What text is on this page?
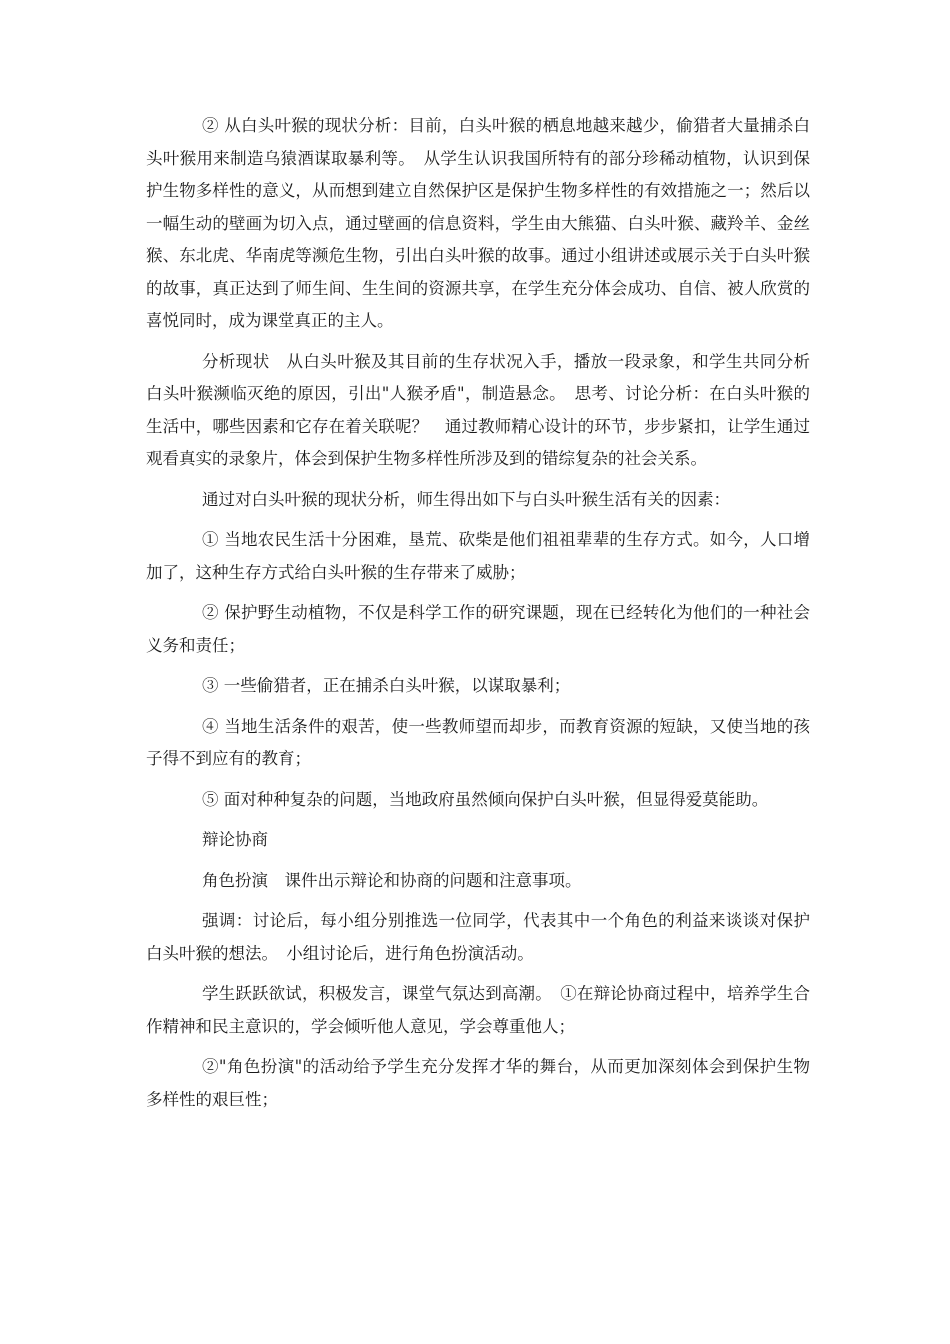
② 从白头叶猴的现状分析：目前，白头叶猴的栖息地越来越少，偷猎者大量捕杀白头叶猴用来制造乌猿酒谋取暴利等。　从学生认识我国所特有的部分珍稀动植物，认识到保护生物多样性的意义，从而想到建立自然保护区是保护生物多样性的有效措施之一；然后以一幅生动的壁画为切入点，通过壁画的信息资料，学生由大熊猫、白头叶猴、藏羚羊、金丝猴、东北虎、华南虎等濒危生物，引出白头叶猴的故事。通过小组讲述或展示关于白头叶猴的故事，真正达到了师生间、生生间的资源共享，在学生充分体会成功、自信、被人欣赏的喜悦同时，成为课堂真正的主人。

分析现状　从白头叶猴及其目前的生存状况入手，播放一段录象，和学生共同分析白头叶猴濒临灭绝的原因，引出"人猴矛盾"，制造悬念。　思考、讨论分析：在白头叶猴的生活中，哪些因素和它存在着关联呢？　通过教师精心设计的环节，步步紧扣，让学生通过观看真实的录象片，体会到保护生物多样性所涉及到的错综复杂的社会关系。

通过对白头叶猴的现状分析，师生得出如下与白头叶猴生活有关的因素：

① 当地农民生活十分困难，垦荒、砍柴是他们祖祖辈辈的生存方式。如今，人口增加了，这种生存方式给白头叶猴的生存带来了威胁；

② 保护野生动植物，不仅是科学工作的研究课题，现在已经转化为他们的一种社会义务和责任；

③ 一些偷猎者，正在捕杀白头叶猴，以谋取暴利；

④ 当地生活条件的艰苦，使一些教师望而却步，而教育资源的短缺，又使当地的孩子得不到应有的教育；

⑤ 面对种种复杂的问题，当地政府虽然倾向保护白头叶猴，但显得爱莫能助。

辩论协商

角色扮演　课件出示辩论和协商的问题和注意事项。

强调：讨论后，每小组分别推选一位同学，代表其中一个角色的利益来谈谈对保护白头叶猴的想法。　小组讨论后，进行角色扮演活动。

学生跃跃欲试，积极发言，课堂气氛达到高潮。　①在辩论协商过程中，培养学生合作精神和民主意识的，学会倾听他人意见，学会尊重他人；

②"角色扮演"的活动给予学生充分发挥才华的舞台，从而更加深刻体会到保护生物多样性的艰巨性；
